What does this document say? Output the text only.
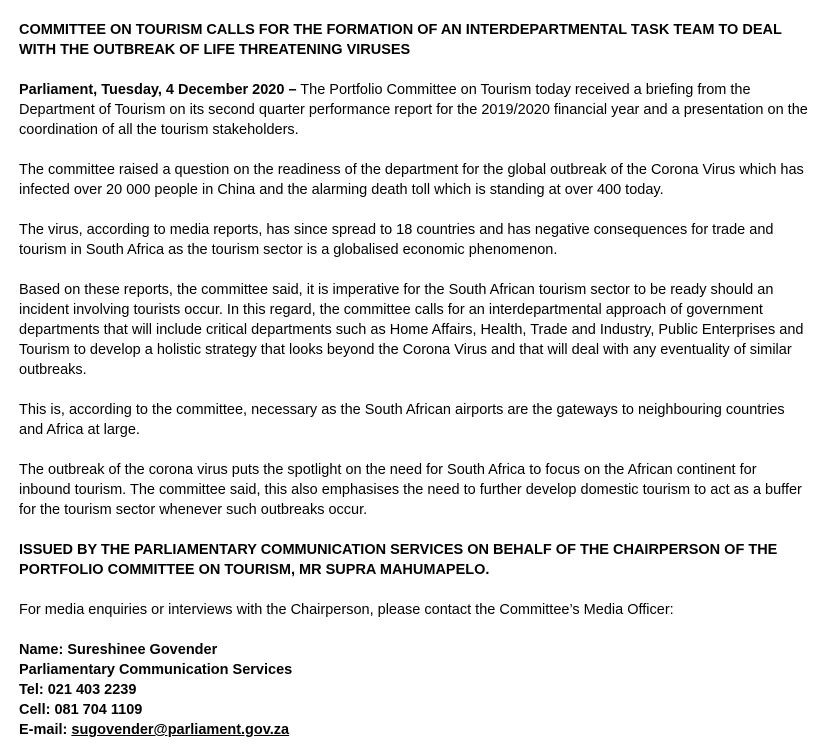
COMMITTEE ON TOURISM CALLS FOR THE FORMATION OF AN INTERDEPARTMENTAL TASK TEAM TO DEAL WITH THE OUTBREAK OF LIFE THREATENING VIRUSES

Parliament, Tuesday, 4 December 2020 – The Portfolio Committee on Tourism today received a briefing from the Department of Tourism on its second quarter performance report for the 2019/2020 financial year and a presentation on the coordination of all the tourism stakeholders.

The committee raised a question on the readiness of the department for the global outbreak of the Corona Virus which has infected over 20 000 people in China and the alarming death toll which is standing at over 400 today.

The virus, according to media reports, has since spread to 18 countries and has negative consequences for trade and tourism in South Africa as the tourism sector is a globalised economic phenomenon.

Based on these reports, the committee said, it is imperative for the South African tourism sector to be ready should an incident involving tourists occur. In this regard, the committee calls for an interdepartmental approach of government departments that will include critical departments such as Home Affairs, Health, Trade and Industry, Public Enterprises and Tourism to develop a holistic strategy that looks beyond the Corona Virus and that will deal with any eventuality of similar outbreaks.

This is, according to the committee, necessary as the South African airports are the gateways to neighbouring countries and Africa at large.

The outbreak of the corona virus puts the spotlight on the need for South Africa to focus on the African continent for inbound tourism. The committee said, this also emphasises the need to further develop domestic tourism to act as a buffer for the tourism sector whenever such outbreaks occur.

ISSUED BY THE PARLIAMENTARY COMMUNICATION SERVICES ON BEHALF OF THE CHAIRPERSON OF THE PORTFOLIO COMMITTEE ON TOURISM, MR SUPRA MAHUMAPELO.

For media enquiries or interviews with the Chairperson, please contact the Committee’s Media Officer:

Name: Sureshinee Govender
Parliamentary Communication Services
Tel: 021 403 2239
Cell: 081 704 1109
E-mail: sugovender@parliament.gov.za
